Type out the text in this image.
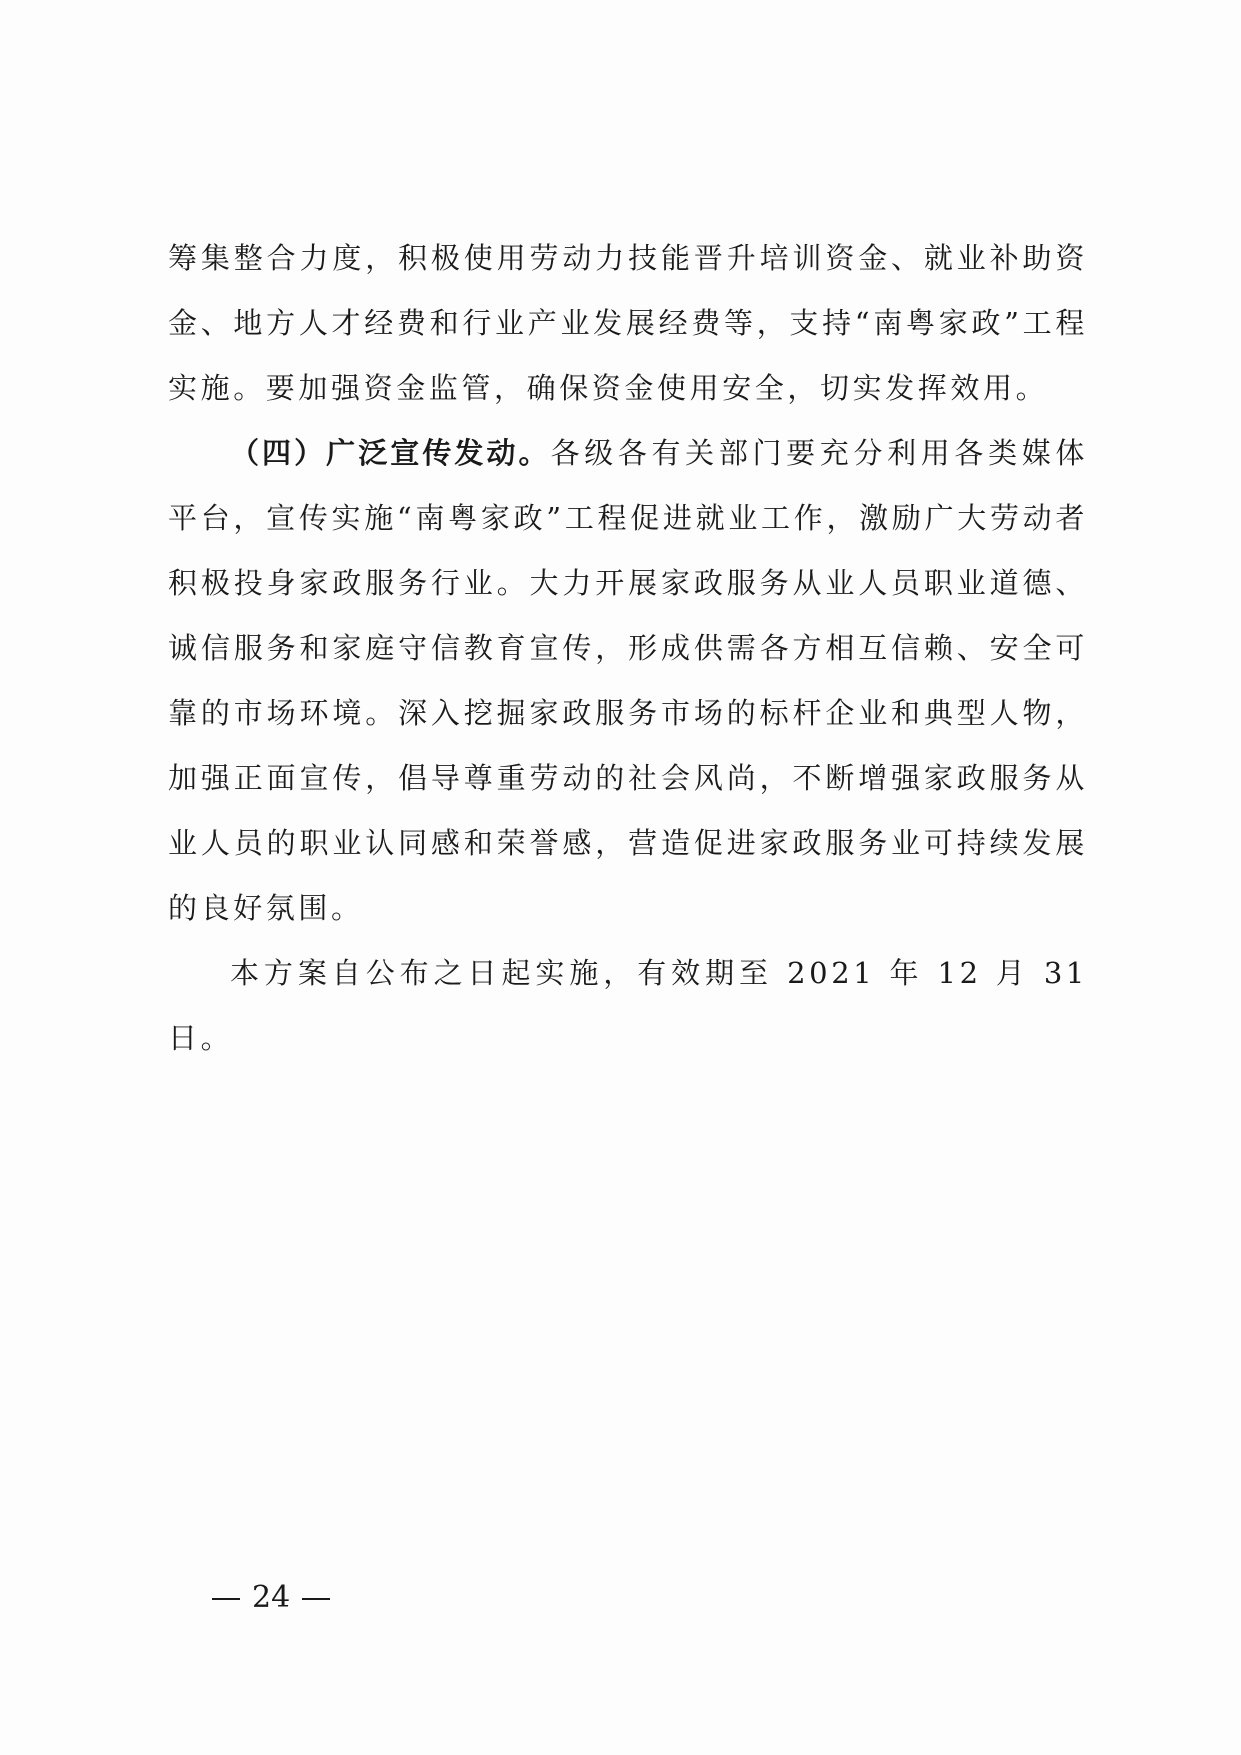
筹集整合力度，积极使用劳动力技能晋升培训资金、就业补助资金、地方人才经费和行业产业发展经费等，支持“南粤家政”工程实施。要加强资金监管，确保资金使用安全，切实发挥效用。

（四）广泛宣传发动。各级各有关部门要充分利用各类媒体平台，宣传实施“南粤家政”工程促进就业工作，激励广大劳动者积极投身家政服务行业。大力开展家政服务从业人员职业道德、诚信服务和家庭守信教育宣传，形成供需各方相互信赖、安全可靠的市场环境。深入挖掘家政服务市场的标杆企业和典型人物，加强正面宣传，倡导尊重劳动的社会风尚，不断增强家政服务从业人员的职业认同感和荣誉感，营造促进家政服务业可持续发展的良好氛围。

本方案自公布之日起实施，有效期至 2021 年 12 月 31 日。

24
